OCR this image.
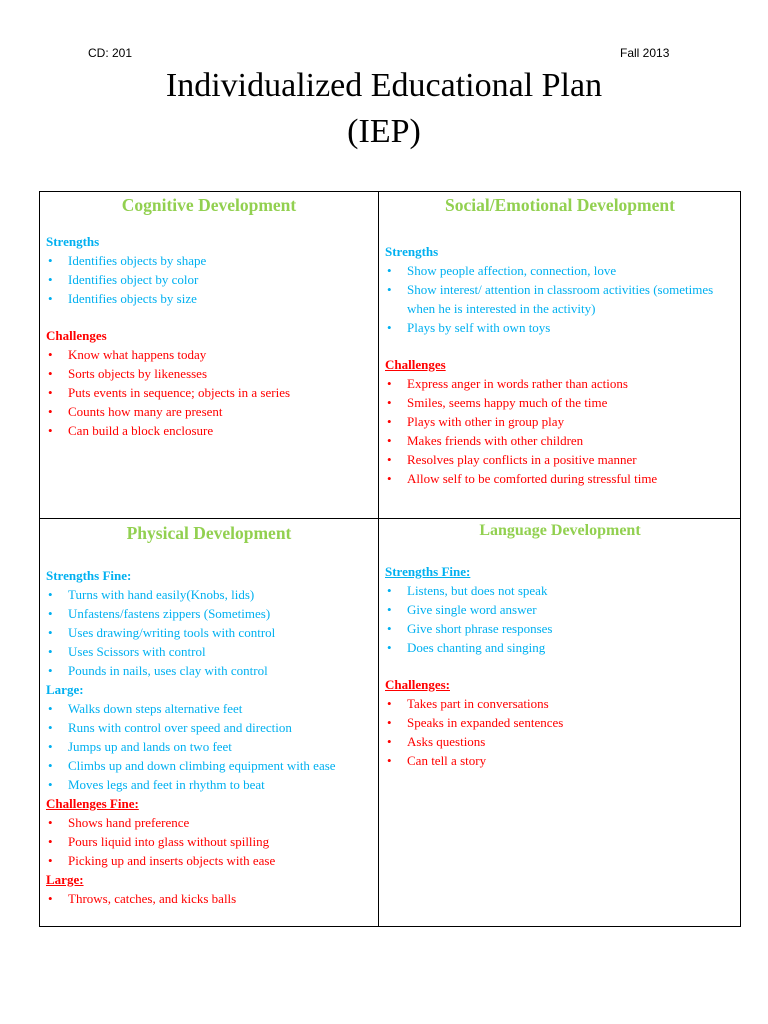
CD: 201	Fall 2013
Individualized Educational Plan
(IEP)
Cognitive Development
Strengths
• Identifies objects by shape
• Identifies object by color
• Identifies objects by size
Challenges
• Know what happens today
• Sorts objects by likenesses
• Puts events in sequence; objects in a series
• Counts how many are present
• Can build a block enclosure
Social/Emotional Development
Strengths
• Show people affection, connection, love
• Show interest/ attention in classroom activities (sometimes when he is interested in the activity)
• Plays by self with own toys
Challenges
• Express anger in words rather than actions
• Smiles, seems happy much of the time
• Plays with other in group play
• Makes friends with other children
• Resolves play conflicts in a positive manner
• Allow self to be comforted during stressful time
Physical Development
Strengths Fine:
• Turns with hand easily(Knobs, lids)
• Unfastens/fastens zippers (Sometimes)
• Uses drawing/writing tools with control
• Uses Scissors with control
• Pounds in nails, uses clay with control
Large:
• Walks down steps alternative feet
• Runs with control over speed and direction
• Jumps up and lands on two feet
• Climbs up and down climbing equipment with ease
• Moves legs and feet in rhythm to beat
Challenges Fine:
• Shows hand preference
• Pours liquid into glass without spilling
• Picking up and inserts objects with ease
Large:
• Throws, catches, and kicks balls
Language Development
Strengths Fine:
• Listens, but does not speak
• Give single word answer
• Give short phrase responses
• Does chanting and singing
Challenges:
• Takes part in conversations
• Speaks in expanded sentences
• Asks questions
• Can tell a story
